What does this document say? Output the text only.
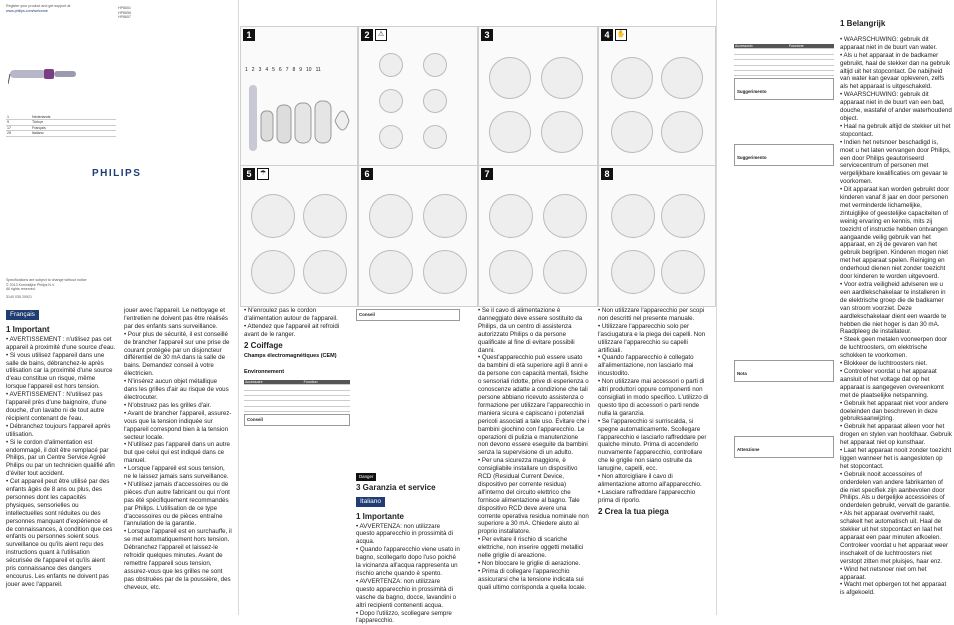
Register your product and get support at
www.philips.com/welcome
HP8651
HP8656
HP8657
1	Nederlands
9	Türkçe
17	Français
25	Italiano
PHILIPS
Specifications are subject to change without notice
© 2013 Koninklijke Philips N.V.
All rights reserved.
3140 035 20921
Français
1 Important

• AVERTISSEMENT : n'utilisez pas cet appareil à proximité d'une source d'eau.

• Si vous utilisez l'appareil dans une salle de bains, débranchez-le après utilisation car la proximité d'une source d'eau constitue un risque, même lorsque l'appareil est hors tension.

• AVERTISSEMENT : N'utilisez pas l'appareil près d'une baignoire, d'une douche, d'un lavabo ni de tout autre récipient contenant de l'eau.

• Débranchez toujours l'appareil après utilisation.

• Si le cordon d'alimentation est endommagé, il doit être remplacé par Philips, par un Centre Service Agréé Philips ou par un technicien qualifié afin d'éviter tout accident.

• Cet appareil peut être utilisé par des enfants âgés de 8 ans ou plus, des personnes dont les capacités physiques, sensorielles ou intellectuelles sont réduites ou des personnes manquant d'expérience et de connaissances, à condition que ces enfants ou personnes soient sous surveillance ou qu'ils aient reçu des instructions quant à l'utilisation sécurisée de l'appareil et qu'ils aient pris connaissance des dangers encourus. Les enfants ne doivent pas jouer avec l'appareil.

jouer avec l'appareil. Le nettoyage et l'entretien ne doivent pas être réalisés par des enfants sans surveillance.

• Pour plus de sécurité, il est conseillé de brancher l'appareil sur une prise de courant protégée par un disjoncteur différentiel de 30 mA dans la salle de bains. Demandez conseil à votre électricien.

• N'insérez aucun objet métallique dans les grilles d'air au risque de vous électrocuter.

• N'obstruez pas les grilles d'air.

• Avant de brancher l'appareil, assurez-vous que la tension indiquée sur l'appareil correspond bien à la tension secteur locale.

• N'utilisez pas l'appareil dans un autre but que celui qui est indiqué dans ce manuel.

• Lorsque l'appareil est sous tension, ne le laissez jamais sans surveillance.

• N'utilisez jamais d'accessoires ou de pièces d'un autre fabricant ou qui n'ont pas été spécifiquement recommandés par Philips. L'utilisation de ce type d'accessoires ou de pièces entraîne l'annulation de la garantie.

• Lorsque l'appareil est en surchauffe, il se met automatiquement hors tension. Débranchez l'appareil et laissez-le refroidir quelques minutes. Avant de remettre l'appareil sous tension, assurez-vous que les grilles ne sont pas obstruées par de la poussière, des cheveux, etc.

1
1 2 3 4 5 6 7 8 9 10 11
2	⚠	3	4	✋
5	☂	6	7	8

• N'enroulez pas le cordon d'alimentation autour de l'appareil.

• Attendez que l'appareil ait refroidi avant de le ranger.

2 Coiffage
Champs électromagnétiques (CEM)

Environnement
Accessoire	Fonction

Conseil
Conseil
Danger
3 Garanzia et service
Italiano
1 Importante

• AVVERTENZA: non utilizzare questo apparecchio in prossimità di acqua.

• Quando l'apparecchio viene usato in bagno, scollegarlo dopo l'uso poiché la vicinanza all'acqua rappresenta un rischio anche quando è spento.

• AVVERTENZA: non utilizzare questo apparecchio in prossimità di vasche da bagno, docce, lavandini o altri recipienti contenenti acqua.

• Dopo l'utilizzo, scollegare sempre l'apparecchio.

• Se il cavo di alimentazione è danneggiato deve essere sostituito da Philips, da un centro di assistenza autorizzato Philips o da persone qualificate al fine di evitare possibili danni.

• Quest'apparecchio può essere usato da bambini di età superiore agli 8 anni e da persone con capacità mentali, fisiche o sensoriali ridotte, prive di esperienza o conoscenze adatte a condizione che tali persone abbiano ricevuto assistenza o formazione per utilizzare l'apparecchio in maniera sicura e capiscano i potenziali pericoli associati a tale uso. Evitare che i bambini giochino con l'apparecchio. Le operazioni di pulizia e manutenzione non devono essere eseguite da bambini senza la supervisione di un adulto.

• Per una sicurezza maggiore, è consigliabile installare un dispositivo RCD (Residual Current Device, dispositivo per corrente residua) all'interno del circuito elettrico che fornisce alimentazione al bagno. Tale dispositivo RCD deve avere una corrente operativa residua nominale non superiore a 30 mA. Chiedere aiuto al proprio installatore.

• Per evitare il rischio di scariche elettriche, non inserire oggetti metallici nelle griglie di areazione.

• Non bloccare le griglie di aerazione.

• Prima di collegare l'apparecchio assicurarsi che la tensione indicata sui quali ultimo corrisponda a quella locale.

• Non utilizzare l'apparecchio per scopi non descritti nel presente manuale.

• Utilizzare l'apparecchio solo per l'asciugatura e la piega dei capelli. Non utilizzare l'apparecchio su capelli artificiali.

• Quando l'apparecchio è collegato all'alimentazione, non lasciarlo mai incustodito.

• Non utilizzare mai accessori o parti di altri produttori oppure componenti non consigliati in modo specifico. L'utilizzo di questo tipo di accessori o parti rende nulla la garanzia.

• Se l'apparecchio si surriscalda, si spegne automaticamente. Scollegare l'apparecchio e lasciarlo raffreddare per qualche minuto. Prima di accenderlo nuovamente l'apparecchio, controllare che le griglie non siano ostruite da lanugine, capelli, ecc.

• Non attorcigliare il cavo di alimentazione attorno all'apparecchio.

• Lasciare raffreddare l'apparecchio prima di riporlo.

2 Crea la tua piega
Accessorio	Funzione

Suggerimento
Suggerimento
Nota
Attenzione
1 Belangrijk

• WAARSCHUWING: gebruik dit apparaat niet in de buurt van water.

• Als u het apparaat in de badkamer gebruikt, haal de stekker dan na gebruik altijd uit het stopcontact. De nabijheid van water kan gevaar opleveren, zelfs als het apparaat is uitgeschakeld.

• WAARSCHUWING: gebruik dit apparaat niet in de buurt van een bad, douche, wastafel of ander waterhoudend object.

• Haal na gebruik altijd de stekker uit het stopcontact.

• Indien het netsnoer beschadigd is, moet u het laten vervangen door Philips, een door Philips geautoriseerd servicecentrum of personen met vergelijkbare kwalificaties om gevaar te voorkomen.

• Dit apparaat kan worden gebruikt door kinderen vanaf 8 jaar en door personen met verminderde lichamelijke, zintuiglijke of geestelijke capaciteiten of weinig ervaring en kennis, mits zij toezicht of instructie hebben ontvangen aangaande veilig gebruik van het apparaat, en zij de gevaren van het gebruik begrijpen. Kinderen mogen niet met het apparaat spelen. Reiniging en onderhoud dienen niet zonder toezicht door kinderen te worden uitgevoerd.

• Voor extra veiligheid adviseren we u een aardlekschakelaar te installeren in de elektrische groep die de badkamer van stroom voorziet. Deze aardlekschakelaar dient een waarde te hebben die niet hoger is dan 30 mA. Raadpleeg de installateur.

• Steek geen metalen voorwerpen door de luchtroosters, om elektrische schokken te voorkomen.

• Blokkeer de luchtroosters niet.

• Controleer voordat u het apparaat aansluit of het voltage dat op het apparaat is aangegeven overeenkomt met de plaatselijke netspanning.

• Gebruik het apparaat niet voor andere doeleinden dan beschreven in deze gebruiksaanwijzing.

• Gebruik het apparaat alleen voor het drogen en stylen van hoofdhaar. Gebruik het apparaat niet op kunsthaar.

• Laat het apparaat nooit zonder toezicht liggen wanneer het is aangesloten op het stopcontact.

• Gebruik nooit accessoires of onderdelen van andere fabrikanten of die niet specifiek zijn aanbevolen door Philips. Als u dergelijke accessoires of onderdelen gebruikt, vervalt de garantie.

• Als het apparaat oververhit raakt, schakelt het automatisch uit. Haal de stekker uit het stopcontact en laat het apparaat een paar minuten afkoelen. Controleer voordat u het apparaat weer inschakelt of de luchtroosters niet verstopt zitten met pluisjes, haar enz.

• Wind het netsnoer niet om het apparaat.

• Wacht met opbergen tot het apparaat is afgekoeld.
